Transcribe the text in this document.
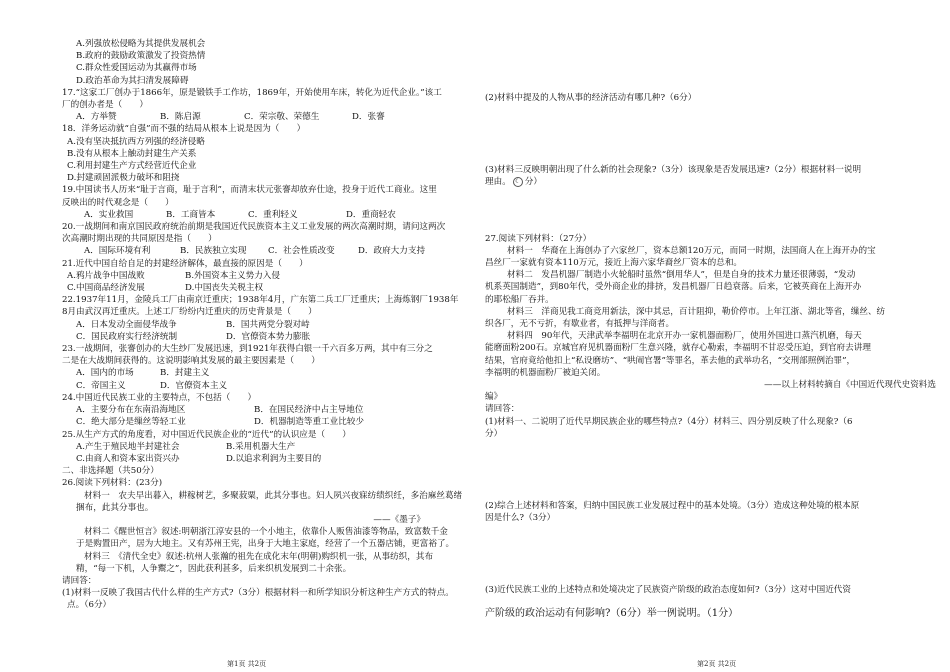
A.列强放松侵略为其提供发展机会
B.政府的鼓励政策激发了投资热情
C.群众性爱国运动为其赢得市场
D.政治革命为其扫清发展障碍
17.“这家工厂创办于1866年，原是锻铁手工作坊，1869年，开始使用车床，转化为近代企业。”该工
厂的创办者是（　　）
A．方举赞	B．陈启源	C．荣宗敬、荣德生	D．张謇
18．洋务运动就“自强”而不强的结局从根本上说是因为（　　）
A.没有坚决抵抗西方列强的经济侵略
B.没有从根本上触动封建生产关系
C.利用封建生产方式经营近代企业
D.封建顽固派极力破坏和阻挠
19.中国读书人历来“耻于言商，耻于言利”，而清末状元张謇却放弃仕途，投身于近代工商业。这里
反映出的时代观念是（　　）
A．实业救国	B．工商皆本	C．重利轻义	D．重商轻农
20.一战期间和南京国民政府统治前期是我国近代民族资本主义工业发展的两次高潮时期，请问这两次
次高潮时期出现的共同原因是指（　　）
A．国际环境有利	B．民族独立实现	C．社会性质改变	D．政府大力支持
21.近代中国自给自足的封建经济解体，最直接的原因是（　　）
A.鸦片战争中国战败	B.外国资本主义势力入侵
C.中国商品经济发展	D.中国丧失关税主权
22.1937年11月，金陵兵工厂由南京迁重庆；1938年4月，广东第二兵工厂迁重庆；上海炼钢厂1938年
8月由武汉再迁重庆。上述工厂纷纷内迁重庆的历史背景是（　　）
A．日本发动全面侵华战争	B．国共两党分裂对峙
C．国民政府实行经济统制	D．官僚资本势力膨胀
23.一战期间，张謇创办的大生纱厂发展迅速，到1921年获得白银一千六百多万两，其中有三分之
二是在大战期间获得的。这说明影响其发展的最主要因素是（　　）
A．国内的市场	B．封建主义
C．帝国主义	D．官僚资本主义
24.中国近代民族工业的主要特点，不包括（　　）
A．主要分布在东南沿海地区	B．在国民经济中占主导地位
C．绝大部分是缫丝等轻工业	D．机器制造等重工业比较少
25.从生产方式的角度看，对中国近代民族企业的“近代”的认识应是（　　）
A.产生于殖民地半封建社会	B.采用机器大生产
C.由商人和资本家出资兴办	D.以追求利润为主要目的
二、非选择题（共50分）
26.阅读下列材料：(23分)
材料一　农夫早出暮入，耕稼树艺，多聚菽粟，此其分事也。妇人夙兴夜寐纺绩织纴，多治麻丝葛绪
捆布，此其分事也。
——《墨子》
材料二《醒世恒言》叙述:明朝浙江淳安县的一个小地主，依靠仆人贩售油漆等物品，致富数千金
于是购置田产，居为大地主。又有苏州王宪，出身于大地主家庭，经营了一个五器店铺，更富裕了。
材料三　《清代全史》叙述:杭州人张瀚的祖先在成化末年(明朝)购织机一张，从事纺织，其布
精，“每一下机，人争鬻之”，因此获利甚多，后来织机发展到二十余张。
请回答：
(1)材料一反映了我国古代什么样的生产方式?（3分）根据材料一和所学知识分析这种生产方式的特点。
点。（6分）
(2)材料中提及的人物从事的经济活动有哪几种?（6分）
(3)材料三反映明朝出现了什么新的社会现象?（3分）该现象是否发展迅速?（2分）根据材料一说明
理由。 ☾ 分）
27.阅读下列材料：（27分）
材料一　华裔在上海创办了六家丝厂，资本总额120万元，而同一时期，法国商人在上海开办的宝
昌丝厂一家就有资本110万元，接近上海六家华裔丝厂资本的总和。
材料二　发昌机器厂制造小火轮船时虽然“倒用华人”，但是自身的技术力量还很薄弱，“发动
机系英国制造”，到80年代，受外商企业的排挤，发昌机器厂日趋衰落。后来，它被英商在上海开办
的耶松船厂吞并。
材料三　洋商见我工商竞用新法，深中其忌，百计阻抑，勒价停市。上年江浙、湖北等省，缫丝、纺
织各厂，无不亏折，有歇业者，有抵押与洋商者。
材料四　90年代，天津武举李福明在北京开办一家机器面粉厂，使用外国进口蒸汽机磨，每天
能磨面粉200石。京城官府见机器面粉厂生意兴隆，就存心勒索，李福明不甘忍受压迫，到官府去讲理
结果，官府竟给他扣上“私设磨坊”、“哄闹官署”等罪名，革去他的武举功名，“交刑部照例治罪”，
李福明的机器面粉厂被迫关闭。
——以上材料转摘自《中国近代现代史资料选
编》
请回答：
(1)材料一、二说明了近代早期民族企业的哪些特点?（4分）材料三、四分别反映了什么现象?（6
分）
(2)综合上述材料和答案，归纳中国民族工业发展过程中的基本处境。（3分）造成这种处境的根本原
因是什么?（3分）
(3)近代民族工业的上述特点和处境决定了民族资产阶级的政治态度如何?（3分）这对中国近代资
产阶级的政治运动有何影响?（6分）举一例说明。（1分）
第1页 共2页	第2页 共2页
